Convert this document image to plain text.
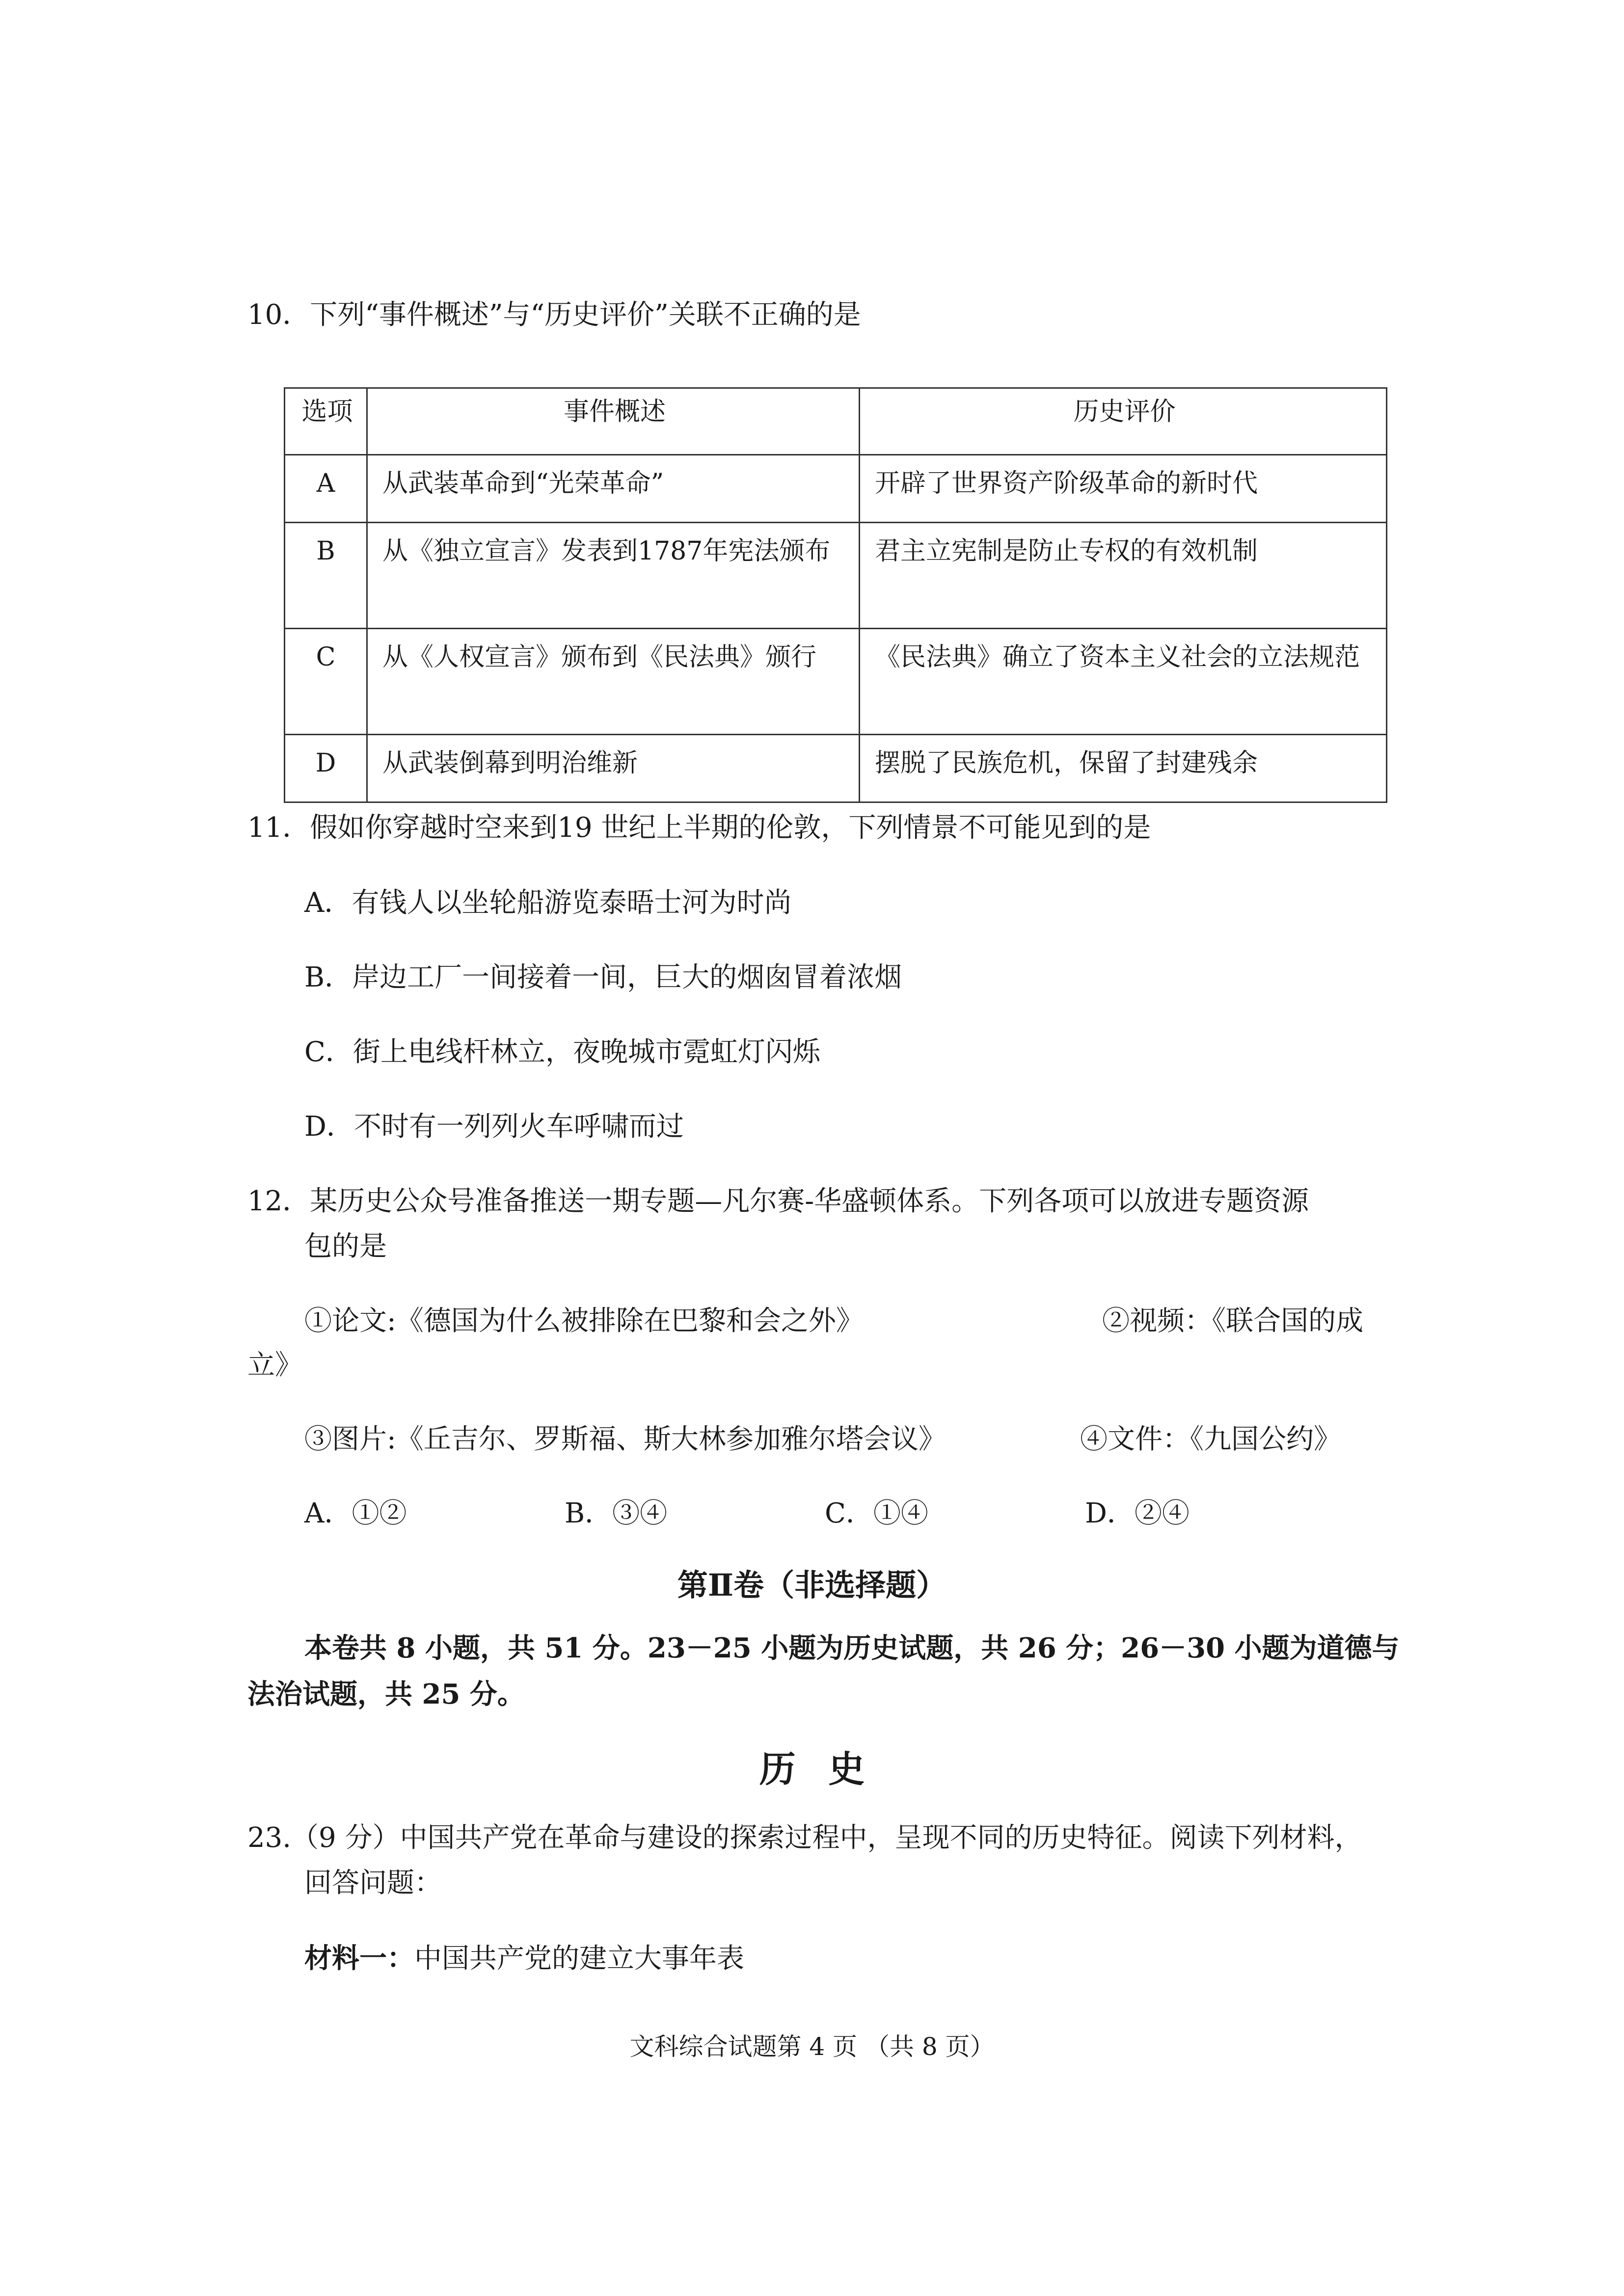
10．下列“事件概述”与“历史评价”关联不正确的是
选项	事件概述	历史评价
A	从武装革命到“光荣革命”	开辟了世界资产阶级革命的新时代
B	从《独立宣言》发表到1787年宪法颁布	君主立宪制是防止专权的有效机制
C	从《人权宣言》颁布到《民法典》颁行	《民法典》确立了资本主义社会的立法规范
D	从武装倒幕到明治维新	摆脱了民族危机，保留了封建残余
11．假如你穿越时空来到19 世纪上半期的伦敦，下列情景不可能见到的是
A．有钱人以坐轮船游览泰晤士河为时尚
B．岸边工厂一间接着一间，巨大的烟囱冒着浓烟
C．街上电线杆林立，夜晚城市霓虹灯闪烁
D．不时有一列列火车呼啸而过
12．某历史公众号准备推送一期专题—凡尔赛-华盛顿体系。下列各项可以放进专题资源
包的是
①论文:《德国为什么被排除在巴黎和会之外》	②视频：《联合国的成
立》
③图片:《丘吉尔、罗斯福、斯大林参加雅尔塔会议》	④文件：《九国公约》
A．①②	B．③④	C．①④	D．②④
第Ⅱ卷（非选择题）
本卷共 8 小题，共 51 分。23－25 小题为历史试题，共 26 分；26－30 小题为道德与
法治试题，共 25 分。
历史
23.（9 分）中国共产党在革命与建设的探索过程中，呈现不同的历史特征。阅读下列材料，
回答问题：
材料一：中国共产党的建立大事年表
文科综合试题第 4 页 （共 8 页）
